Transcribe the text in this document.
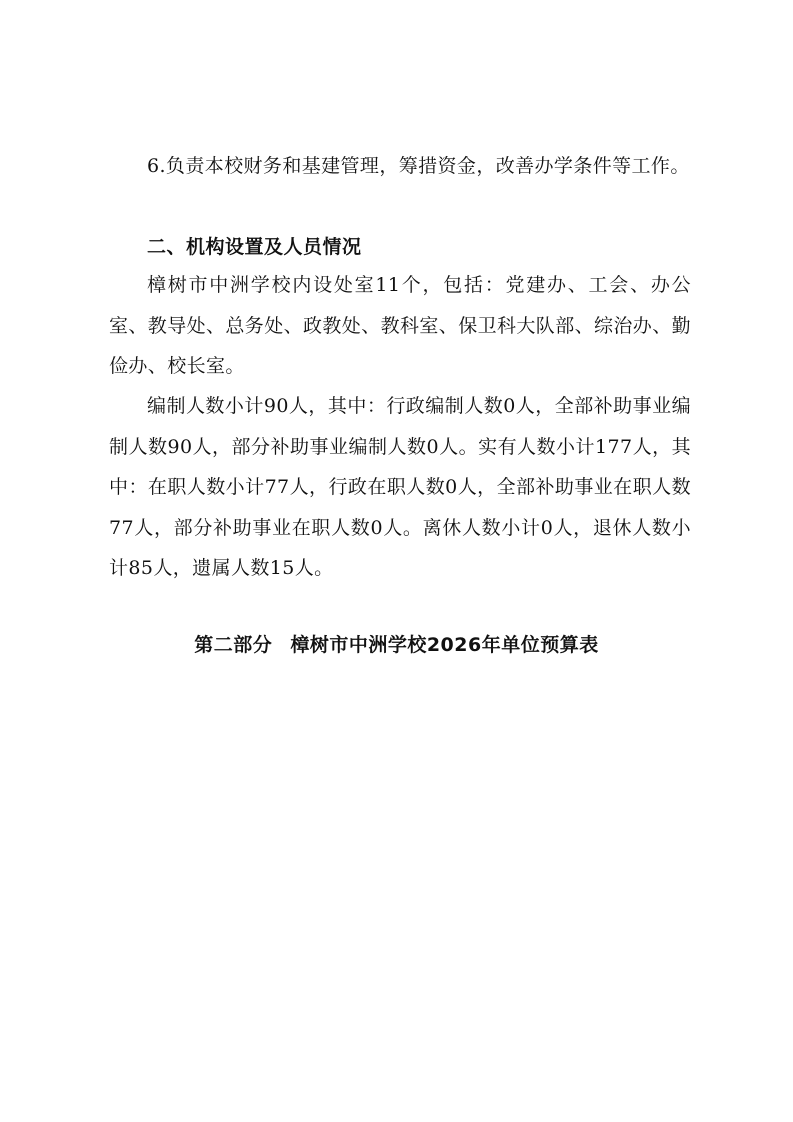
6.负责本校财务和基建管理，筹措资金，改善办学条件等工作。

二、机构设置及人员情况

樟树市中洲学校内设处室11个，包括：党建办、工会、办公室、教导处、总务处、政教处、教科室、保卫科大队部、综治办、勤俭办、校长室。

编制人数小计90人，其中：行政编制人数0人，全部补助事业编制人数90人，部分补助事业编制人数0人。实有人数小计177人，其中：在职人数小计77人，行政在职人数0人，全部补助事业在职人数77人，部分补助事业在职人数0人。离休人数小计0人，退休人数小计85人，遗属人数15人。

第二部分 樟树市中洲学校2026年单位预算表
